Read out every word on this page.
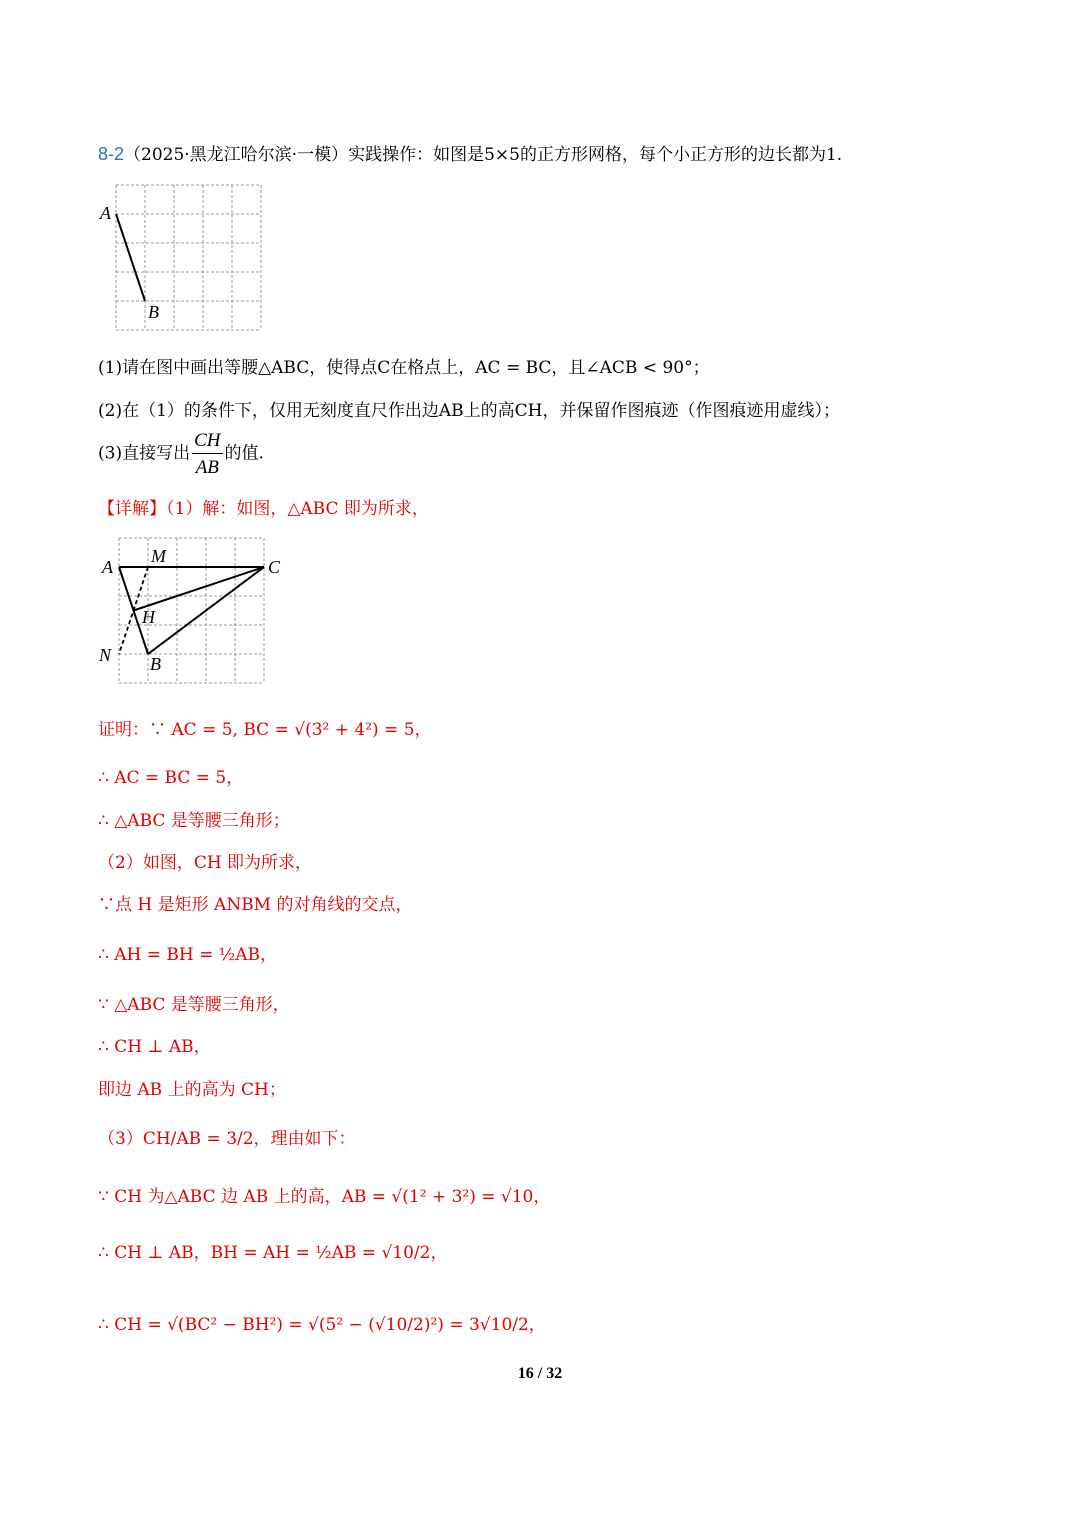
8-2（2025·黑龙江哈尔滨·一模）实践操作：如图是5×5的正方形网格，每个小正方形的边长都为1.
A
B
(1)请在图中画出等腰△ABC，使得点C在格点上，AC = BC，且∠ACB < 90°；
(2)在（1）的条件下，仅用无刻度直尺作出边AB上的高CH，并保留作图痕迹（作图痕迹用虚线）；
(3)直接写出 $\frac{CH}{AB}$ 的值.
【详解】（1）解：如图，△ABC 即为所求，
A
M
C
H
N B
证明：∵ AC = 5, BC = √(3² + 4²) = 5，
∴ AC = BC = 5，
∴ △ABC 是等腰三角形；
（2）如图，CH 即为所求，
∵点 H 是矩形 ANBM 的对角线的交点，
∴ AH = BH = ½AB，
∵ △ABC 是等腰三角形，
∴ CH ⊥ AB，
即边 AB 上的高为 CH；
（3）CH/AB = 3/2，理由如下：
∵ CH 为△ABC 边 AB 上的高，AB = √(1² + 3²) = √10，
∴ CH ⊥ AB，BH = AH = ½AB = √10/2，
∴ CH = √(BC² − BH²) = √(5² − (√10/2)²) = 3√10/2，
16 / 32
